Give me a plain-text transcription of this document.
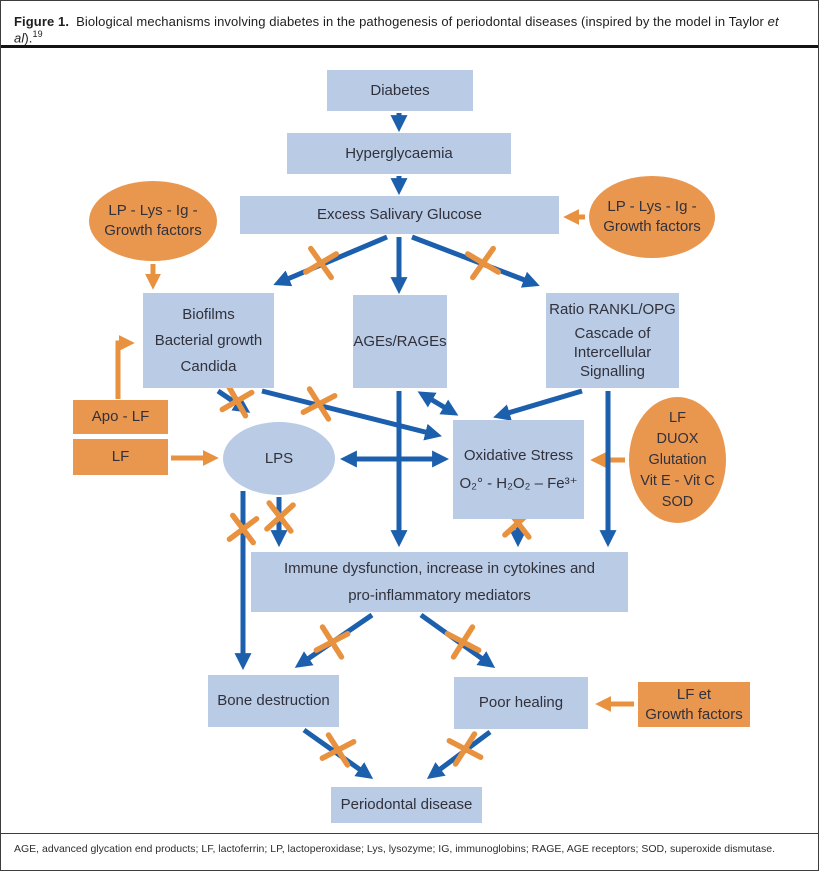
Figure 1. Biological mechanisms involving diabetes in the pathogenesis of periodontal diseases (inspired by the model in Taylor et al).$^{19}$
Diabetes
Hyperglycaemia
Excess Salivary Glucose
LP - Lys - Ig -
Growth factors
LP - Lys - Ig -
Growth factors
Biofilms
Bacterial growth
Candida
AGEs/RAGEs
Ratio RANKL/OPG
Cascade of
Intercellular
Signalling
Apo - LF
LF	LPS	Oxidative Stress
O₂° - H₂O₂ – Fe³⁺
LF
DUOX
Glutation
Vit E - Vit C
SOD
Immune dysfunction, increase in cytokines and
pro-inflammatory mediators
Bone destruction	Poor healing	LF et
Growth factors
Periodontal disease
AGE, advanced glycation end products; LF, lactoferrin; LP, lactoperoxidase; Lys, lysozyme; IG, immunoglobins; RAGE, AGE receptors; SOD, superoxide dismutase.
